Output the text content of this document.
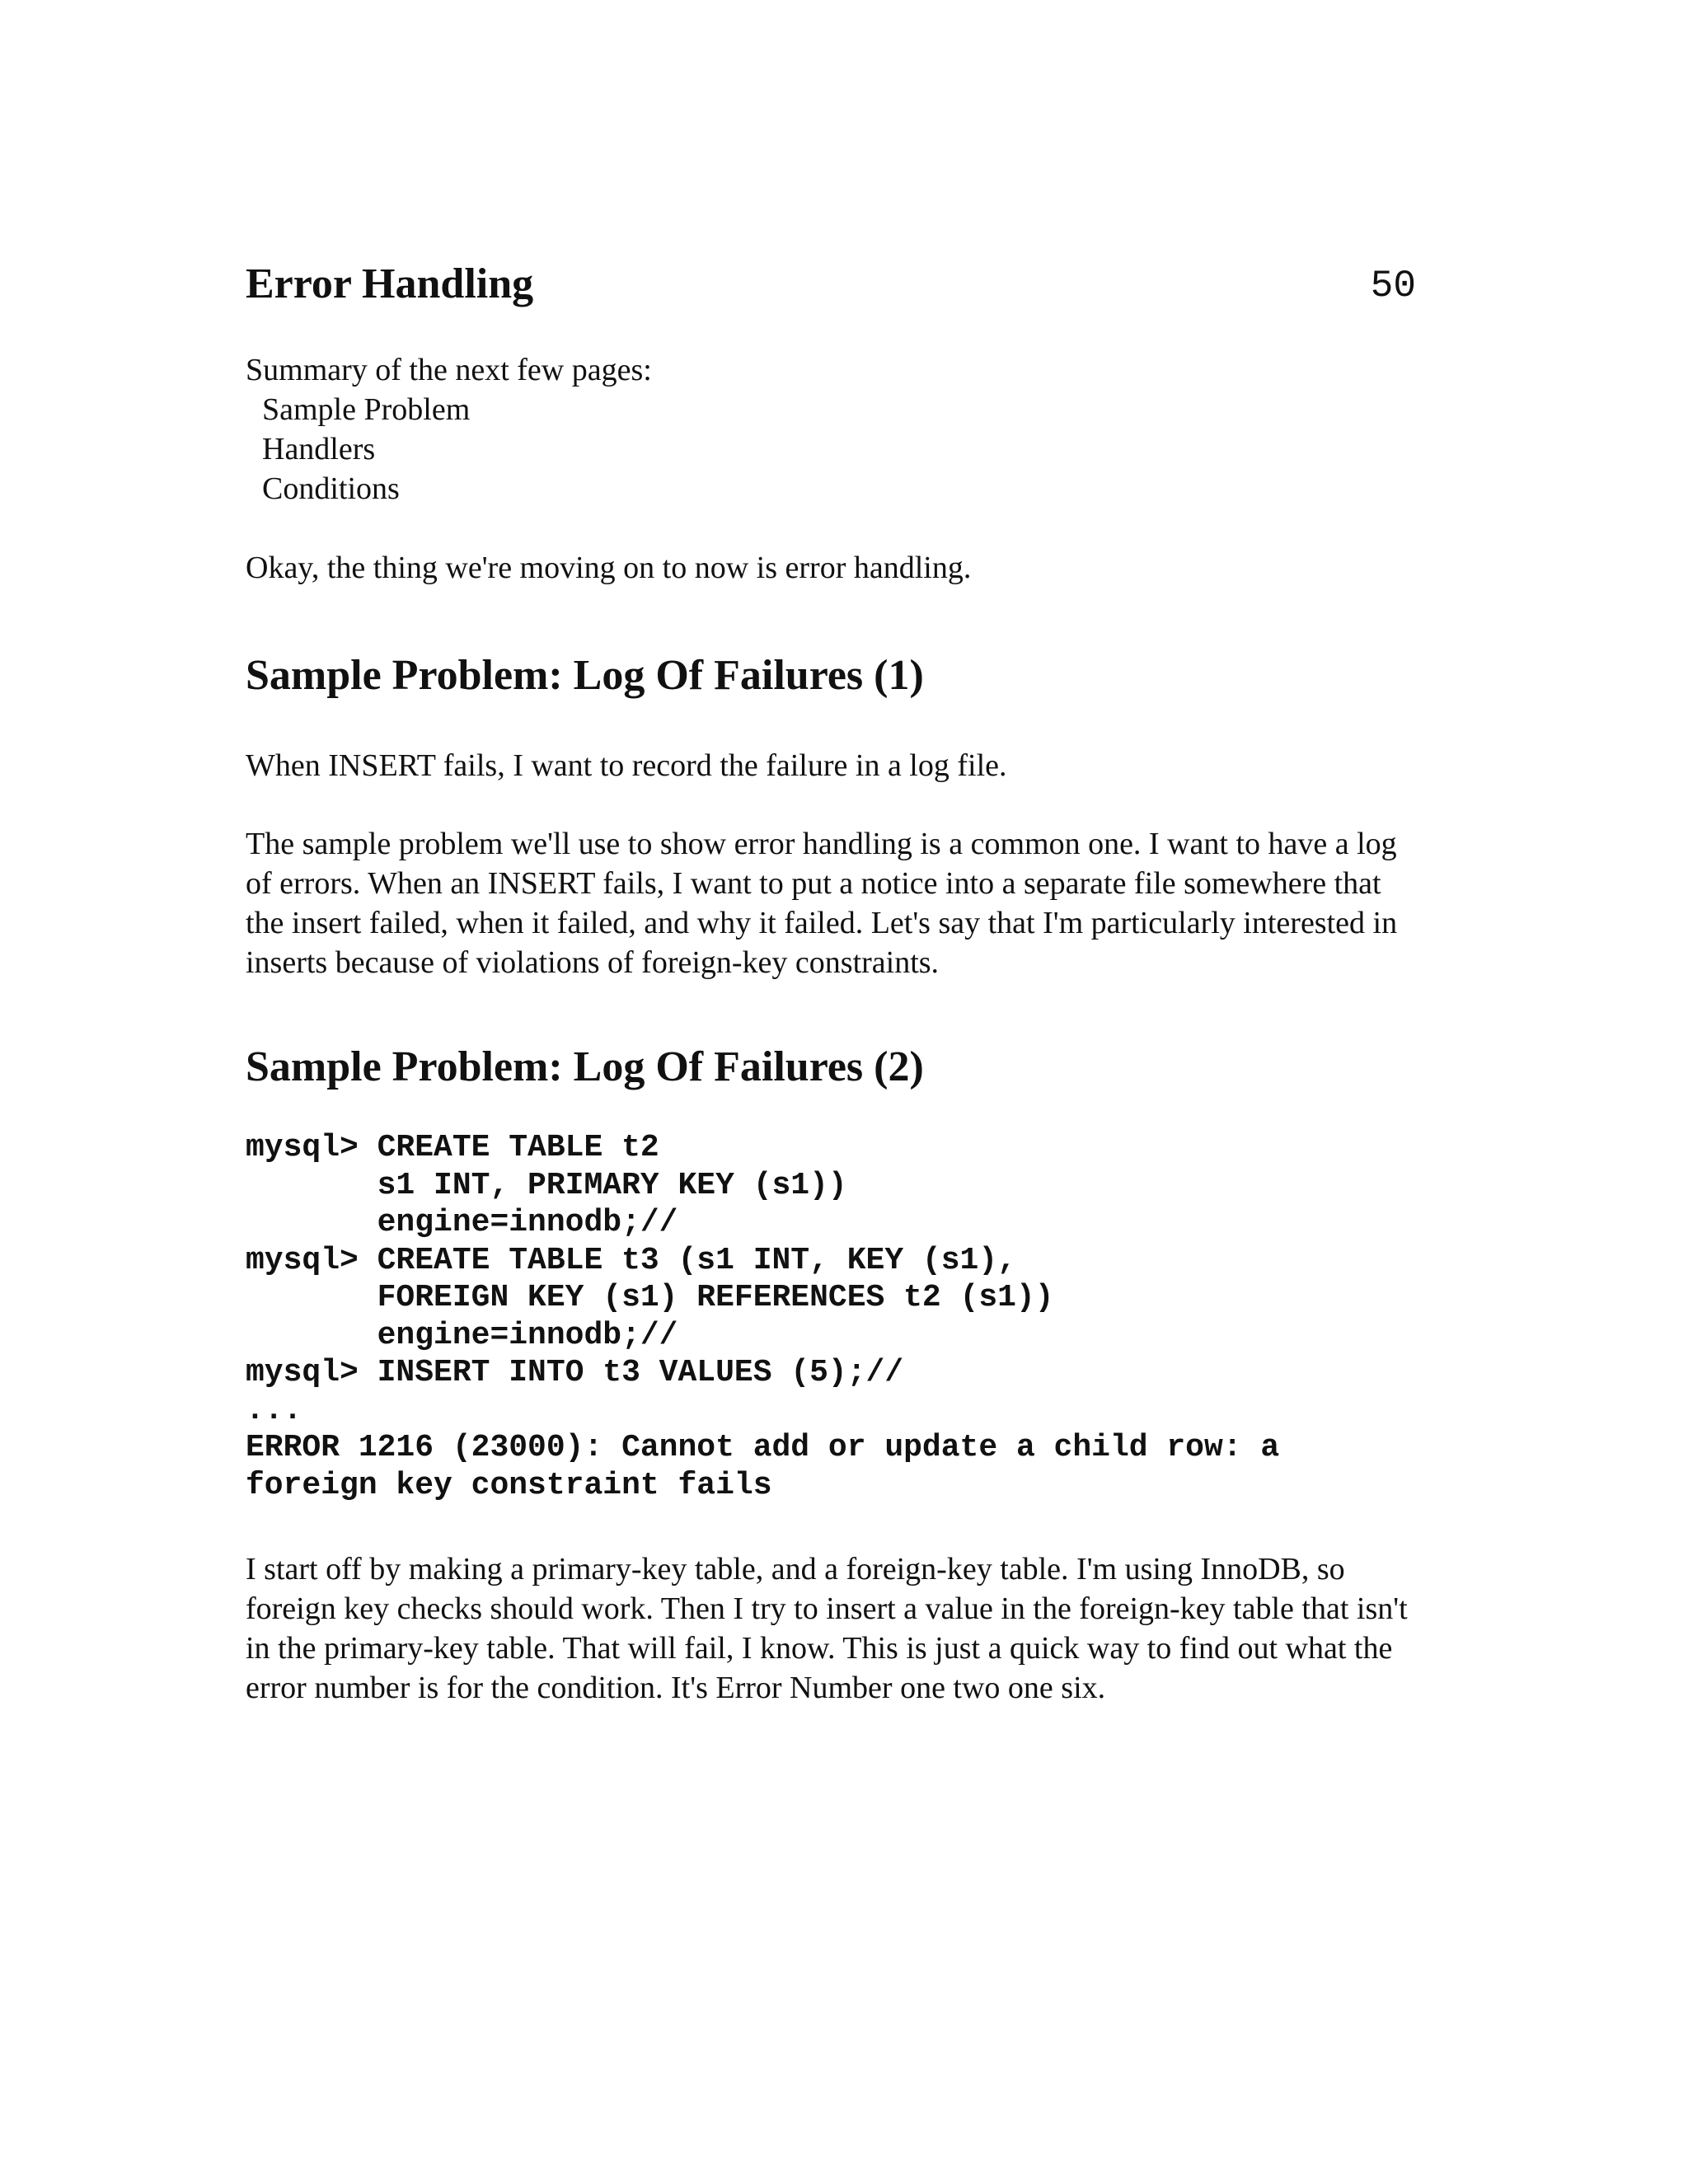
Error Handling	50
Summary of the next few pages:
Sample Problem
Handlers
Conditions

Okay, the thing we're moving on to now is error handling.

Sample Problem: Log Of Failures (1)

When INSERT fails, I want to record the failure in a log file.

The sample problem we'll use to show error handling is a common one. I want to have a log of errors. When an INSERT fails, I want to put a notice into a separate file somewhere that the insert failed, when it failed, and why it failed. Let's say that I'm particularly interested in inserts because of violations of foreign-key constraints.

Sample Problem: Log Of Failures (2)
mysql> CREATE TABLE t2
s1 INT, PRIMARY KEY (s1))
engine=innodb;//
mysql> CREATE TABLE t3 (s1 INT, KEY (s1),
FOREIGN KEY (s1) REFERENCES t2 (s1))
engine=innodb;//
mysql> INSERT INTO t3 VALUES (5);//
...
ERROR 1216 (23000): Cannot add or update a child row: a
foreign key constraint fails

I start off by making a primary-key table, and a foreign-key table. I'm using InnoDB, so foreign key checks should work. Then I try to insert a value in the foreign-key table that isn't in the primary-key table. That will fail, I know. This is just a quick way to find out what the error number is for the condition. It's Error Number one two one six.
